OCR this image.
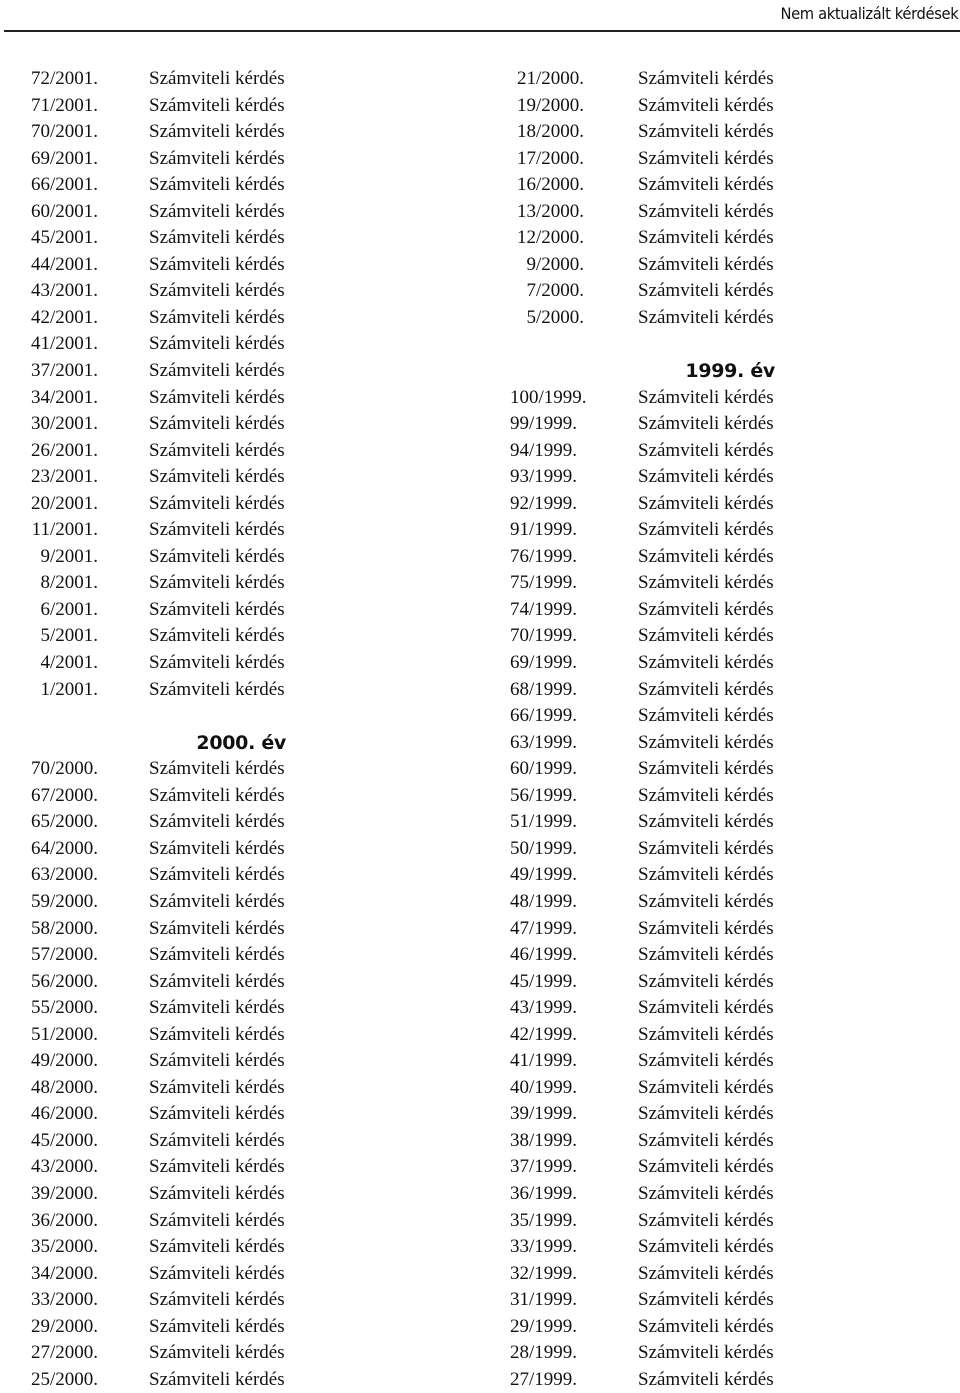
Nem aktualizált kérdések
72/2001.	Számviteli kérdés
71/2001.	Számviteli kérdés
70/2001.	Számviteli kérdés
69/2001.	Számviteli kérdés
66/2001.	Számviteli kérdés
60/2001.	Számviteli kérdés
45/2001.	Számviteli kérdés
44/2001.	Számviteli kérdés
43/2001.	Számviteli kérdés
42/2001.	Számviteli kérdés
41/2001.	Számviteli kérdés
37/2001.	Számviteli kérdés
34/2001.	Számviteli kérdés
30/2001.	Számviteli kérdés
26/2001.	Számviteli kérdés
23/2001.	Számviteli kérdés
20/2001.	Számviteli kérdés
11/2001.	Számviteli kérdés
9/2001.	Számviteli kérdés
8/2001.	Számviteli kérdés
6/2001.	Számviteli kérdés
5/2001.	Számviteli kérdés
4/2001.	Számviteli kérdés
1/2001.	Számviteli kérdés
2000. év
70/2000.	Számviteli kérdés
67/2000.	Számviteli kérdés
65/2000.	Számviteli kérdés
64/2000.	Számviteli kérdés
63/2000.	Számviteli kérdés
59/2000.	Számviteli kérdés
58/2000.	Számviteli kérdés
57/2000.	Számviteli kérdés
56/2000.	Számviteli kérdés
55/2000.	Számviteli kérdés
51/2000.	Számviteli kérdés
49/2000.	Számviteli kérdés
48/2000.	Számviteli kérdés
46/2000.	Számviteli kérdés
45/2000.	Számviteli kérdés
43/2000.	Számviteli kérdés
39/2000.	Számviteli kérdés
36/2000.	Számviteli kérdés
35/2000.	Számviteli kérdés
34/2000.	Számviteli kérdés
33/2000.	Számviteli kérdés
29/2000.	Számviteli kérdés
27/2000.	Számviteli kérdés
25/2000.	Számviteli kérdés
21/2000.	Számviteli kérdés
19/2000.	Számviteli kérdés
18/2000.	Számviteli kérdés
17/2000.	Számviteli kérdés
16/2000.	Számviteli kérdés
13/2000.	Számviteli kérdés
12/2000.	Számviteli kérdés
9/2000.	Számviteli kérdés
7/2000.	Számviteli kérdés
5/2000.	Számviteli kérdés
1999. év
100/1999.	Számviteli kérdés
99/1999.	Számviteli kérdés
94/1999.	Számviteli kérdés
93/1999.	Számviteli kérdés
92/1999.	Számviteli kérdés
91/1999.	Számviteli kérdés
76/1999.	Számviteli kérdés
75/1999.	Számviteli kérdés
74/1999.	Számviteli kérdés
70/1999.	Számviteli kérdés
69/1999.	Számviteli kérdés
68/1999.	Számviteli kérdés
66/1999.	Számviteli kérdés
63/1999.	Számviteli kérdés
60/1999.	Számviteli kérdés
56/1999.	Számviteli kérdés
51/1999.	Számviteli kérdés
50/1999.	Számviteli kérdés
49/1999.	Számviteli kérdés
48/1999.	Számviteli kérdés
47/1999.	Számviteli kérdés
46/1999.	Számviteli kérdés
45/1999.	Számviteli kérdés
43/1999.	Számviteli kérdés
42/1999.	Számviteli kérdés
41/1999.	Számviteli kérdés
40/1999.	Számviteli kérdés
39/1999.	Számviteli kérdés
38/1999.	Számviteli kérdés
37/1999.	Számviteli kérdés
36/1999.	Számviteli kérdés
35/1999.	Számviteli kérdés
33/1999.	Számviteli kérdés
32/1999.	Számviteli kérdés
31/1999.	Számviteli kérdés
29/1999.	Számviteli kérdés
28/1999.	Számviteli kérdés
27/1999.	Számviteli kérdés
